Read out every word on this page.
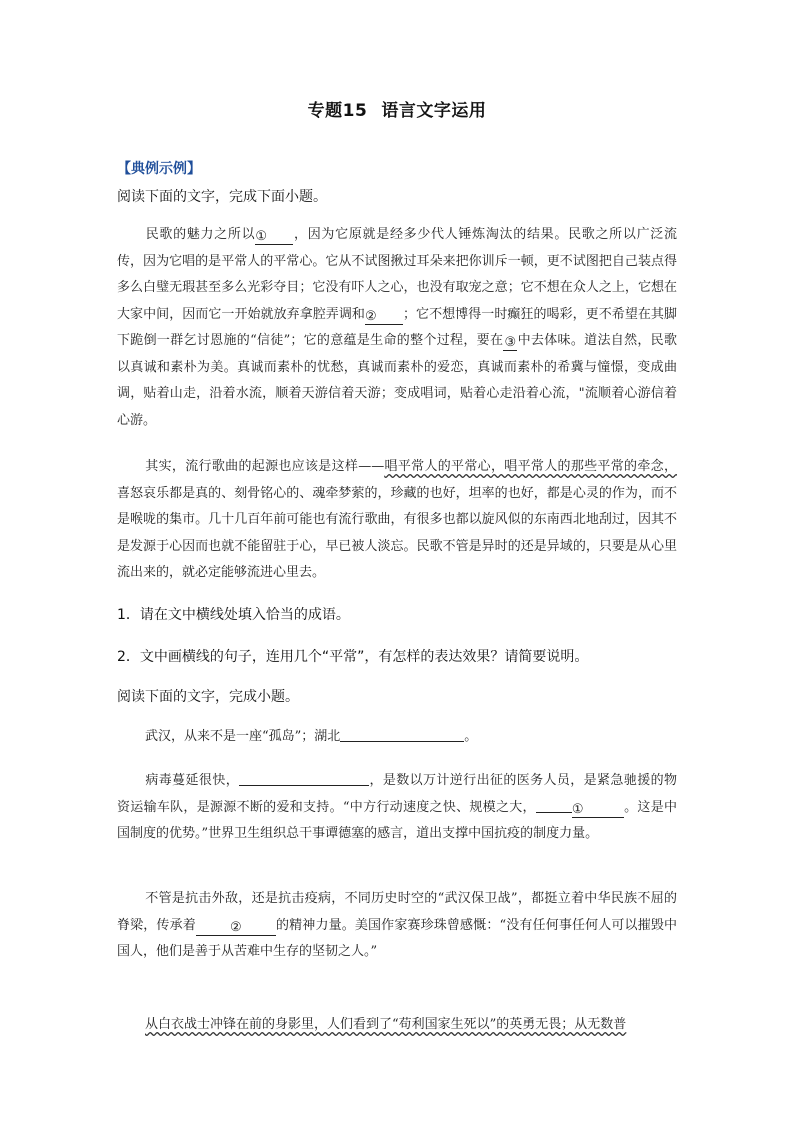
专题15 语言文字运用
【典例示例】
阅读下面的文字，完成下面小题。
民歌的魅力之所以① ，因为它原就是经多少代人锤炼淘汰的结果。民歌之所以广泛流传，因为它唱的是平常人的平常心。它从不试图揪过耳朵来把你训斥一顿，更不试图把自己装点得多么白璧无瑕甚至多么光彩夺目；它没有吓人之心，也没有取宠之意；它不想在众人之上，它想在大家中间，因而它一开始就放弃拿腔弄调和② ；它不想博得一时癫狂的喝彩，更不希望在其脚下跪倒一群乞讨恩施的“信徒”；它的意蕴是生命的整个过程，要在③中去体味。道法自然，民歌以真诚和素朴为美。真诚而素朴的忧愁，真诚而素朴的爱恋，真诚而素朴的希冀与憧憬，变成曲调，贴着山走，沿着水流，顺着天游信着天游；变成唱词，贴着心走沿着心流，"流顺着心游信着心游。
其实，流行歌曲的起源也应该是这样——唱平常人的平常心，唱平常人的那些平常的牵念，喜怒哀乐都是真的、刻骨铭心的、魂牵梦萦的，珍藏的也好，坦率的也好，都是心灵的作为，而不是喉咙的集市。几十几百年前可能也有流行歌曲，有很多也都以旋风似的东南西北地刮过，因其不是发源于心因而也就不能留驻于心，早已被人淡忘。民歌不管是异时的还是异域的，只要是从心里流出来的，就必定能够流进心里去。
1．请在文中横线处填入恰当的成语。
2．文中画横线的句子，连用几个“平常”，有怎样的表达效果？请简要说明。
阅读下面的文字，完成小题。
武汉，从来不是一座“孤岛”；湖北	。
病毒蔓延很快，	，是数以万计逆行出征的医务人员，是紧急驰援的物资运输车队，是源源不断的爱和支持。“中方行动速度之快、规模之大，	①	。这是中国制度的优势。”世界卫生组织总干事谭德塞的感言，道出支撑中国抗疫的制度力量。
不管是抗击外敌，还是抗击疫病，不同历史时空的“武汉保卫战”，都挺立着中华民族不屈的脊梁，传承着	②	的精神力量。美国作家赛珍珠曾感慨：“没有任何事任何人可以摧毁中国人，他们是善于从苦难中生存的坚韧之人。”
从白衣战士冲锋在前的身影里，人们看到了“苟利国家生死以”的英勇无畏；从无数普
